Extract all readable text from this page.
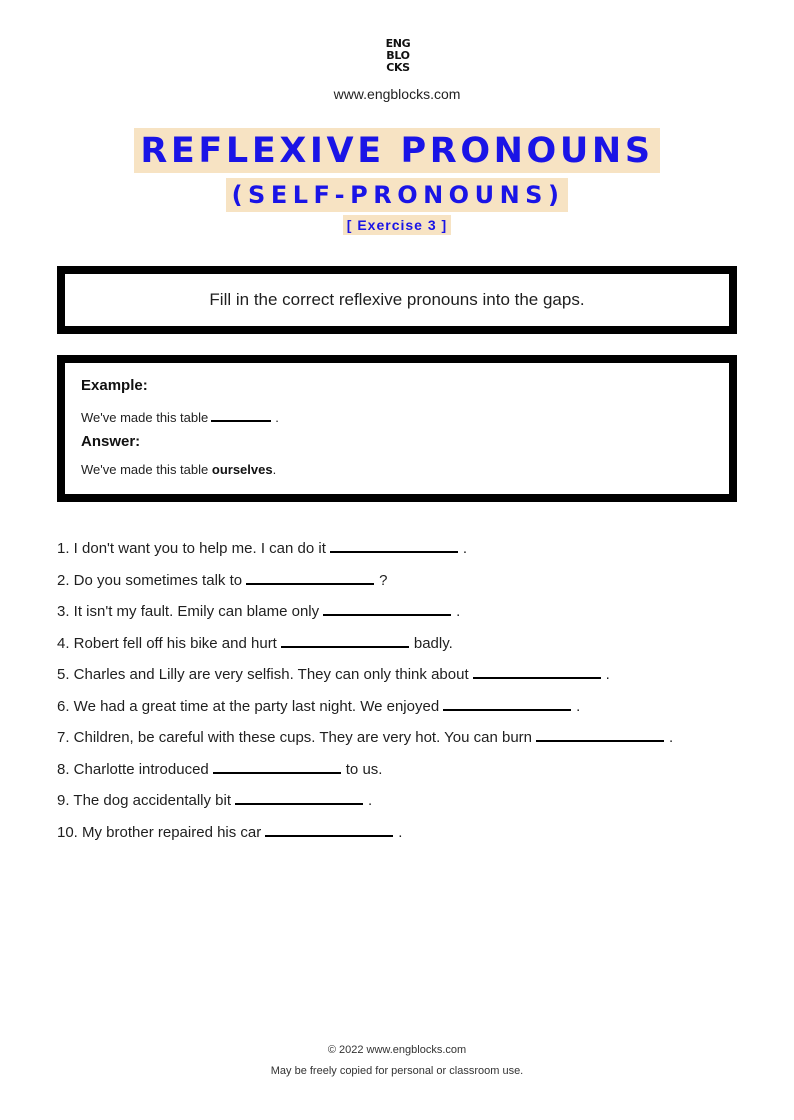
ENG
BLO
CKS
www.engblocks.com
REFLEXIVE PRONOUNS
(SELF-PRONOUNS)
[ Exercise 3 ]
Fill in the correct reflexive pronouns into the gaps.
Example:
We've made this table	.
Answer:
We've made this table ourselves.
1. I don't want you to help me. I can do it	.
2. Do you sometimes talk to	?
3. It isn't my fault. Emily can blame only	.
4. Robert fell off his bike and hurt	badly.
5. Charles and Lilly are very selfish. They can only think about	.
6. We had a great time at the party last night. We enjoyed	.
7. Children, be careful with these cups. They are very hot. You can burn	.
8. Charlotte introduced	to us.
9. The dog accidentally bit	.
10. My brother repaired his car	.
© 2022 www.engblocks.com
May be freely copied for personal or classroom use.
